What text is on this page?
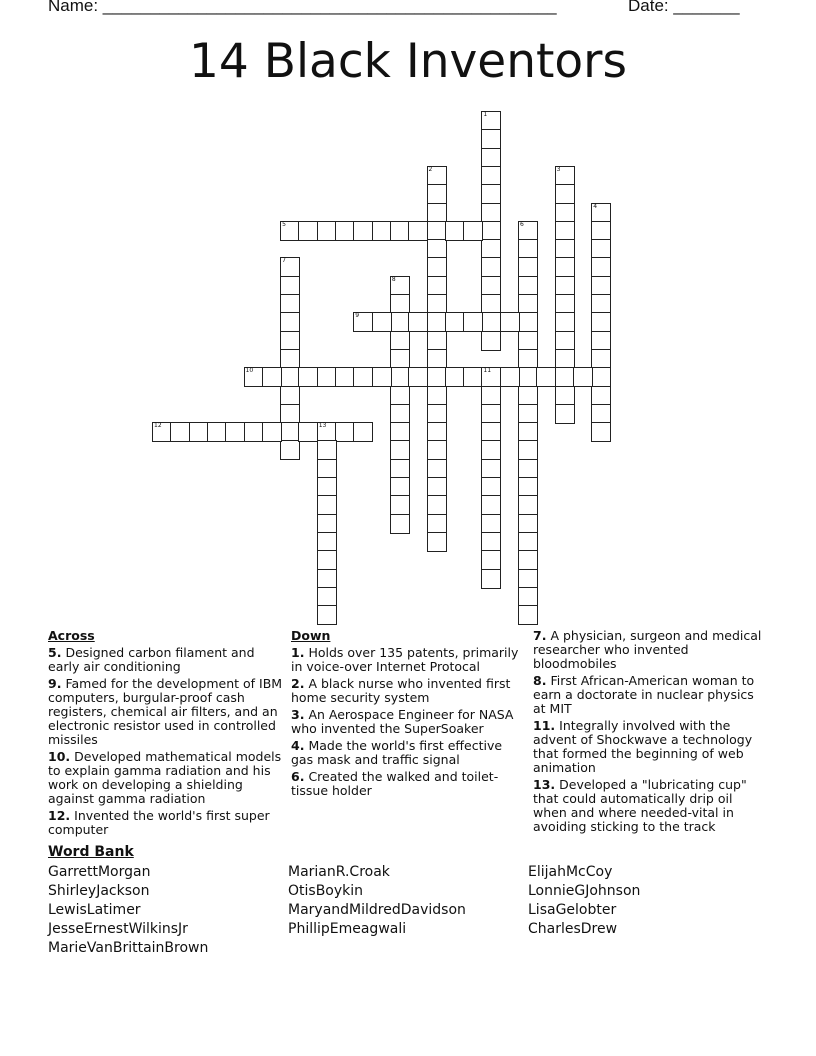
Name: ________________________________________________	Date: _______
14 Black Inventors
1
2	3
4
5	6
7
8
9
10	11
12	13
Across
5. Designed carbon filament and early air conditioning
9. Famed for the development of IBM computers, burgular-proof cash registers, chemical air filters, and an electronic resistor used in controlled missiles
10. Developed mathematical models to explain gamma radiation and his work on developing a shielding against gamma radiation
12. Invented the world's first super computer
Down
1. Holds over 135 patents, primarily in voice-over Internet Protocal
2. A black nurse who invented first home security system
3. An Aerospace Engineer for NASA who invented the SuperSoaker
4. Made the world's first effective gas mask and traffic signal
6. Created the walked and toilet-tissue holder
7. A physician, surgeon and medical researcher who invented bloodmobiles
8. First African-American woman to earn a doctorate in nuclear physics at MIT
11. Integrally involved with the advent of Shockwave a technology that formed the beginning of web animation
13. Developed a "lubricating cup" that could automatically drip oil when and where needed-vital in avoiding sticking to the track
Word Bank
GarrettMorgan
ShirleyJackson
LewisLatimer
JesseErnestWilkinsJr
MarieVanBrittainBrown
MarianR.Croak
OtisBoykin
MaryandMildredDavidson
PhillipEmeagwali
ElijahMcCoy
LonnieGJohnson
LisaGelobter
CharlesDrew
